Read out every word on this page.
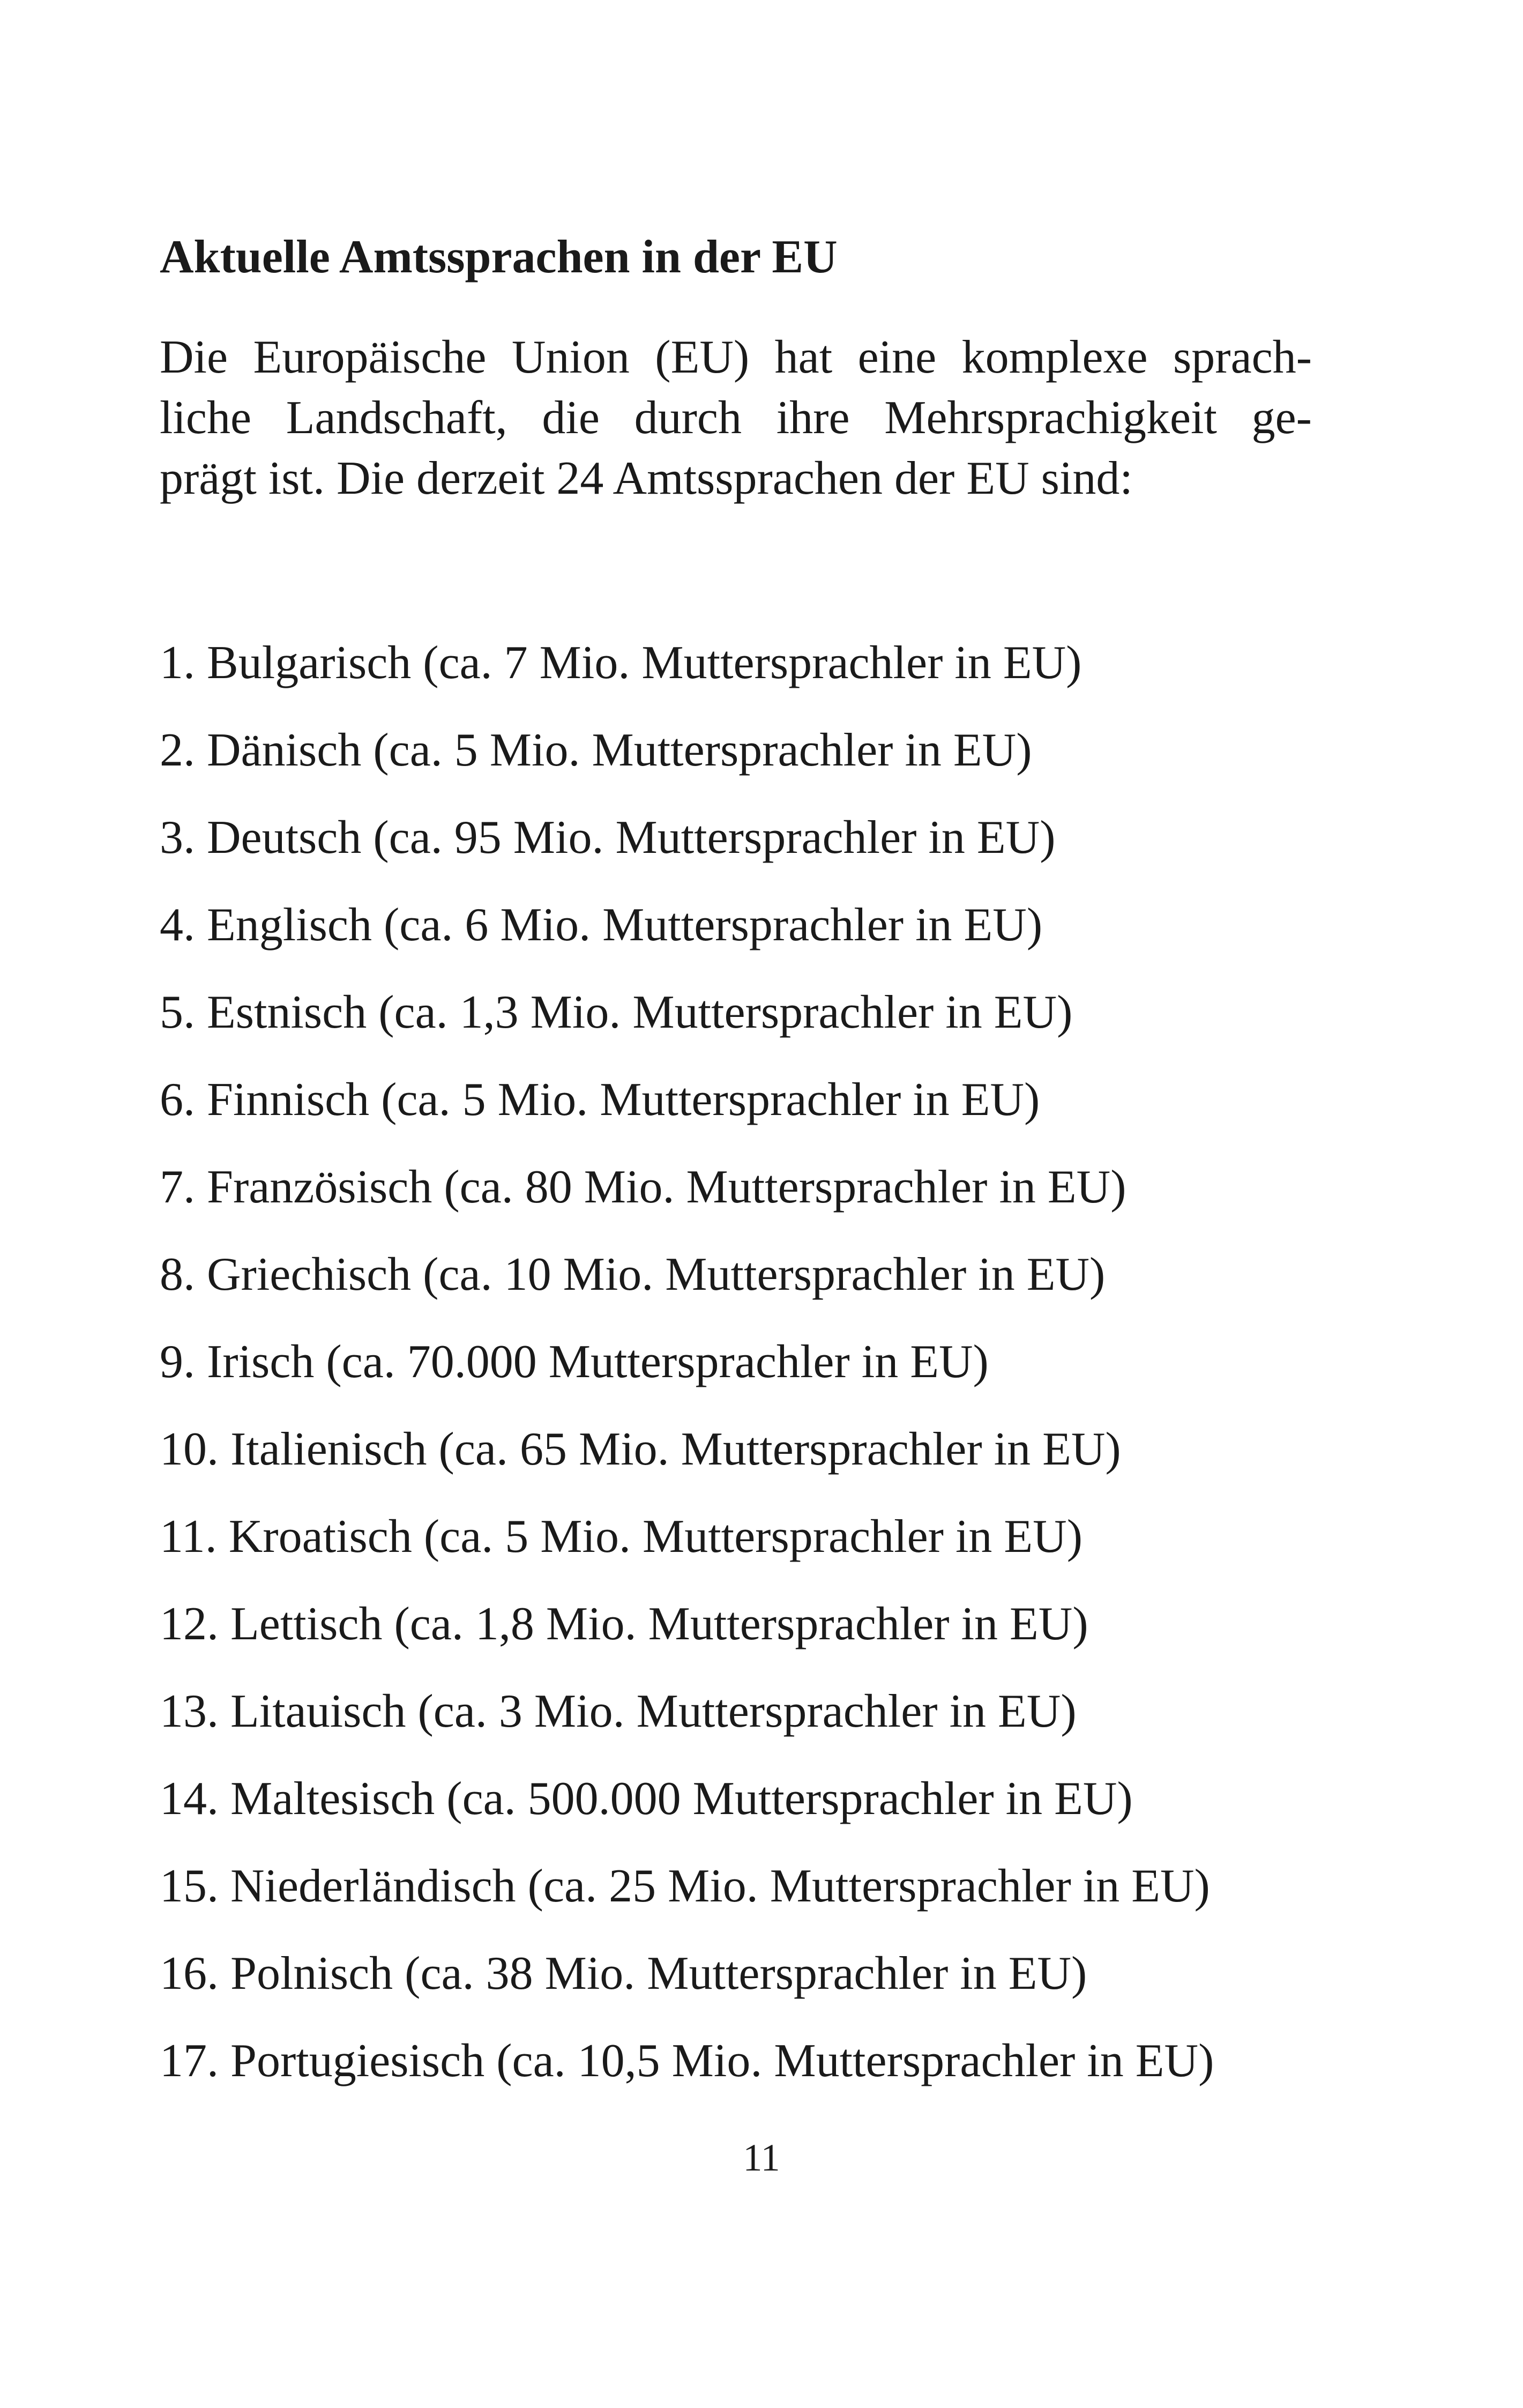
Aktuelle Amtssprachen in der EU
Die Europäische Union (EU) hat eine komplexe sprach-
liche Landschaft, die durch ihre Mehrsprachigkeit ge-
prägt ist. Die derzeit 24 Amtssprachen der EU sind:
1. Bulgarisch (ca. 7 Mio. Muttersprachler in EU)
2. Dänisch (ca. 5 Mio. Muttersprachler in EU)
3. Deutsch (ca. 95 Mio. Muttersprachler in EU)
4. Englisch (ca. 6 Mio. Muttersprachler in EU)
5. Estnisch (ca. 1,3 Mio. Muttersprachler in EU)
6. Finnisch (ca. 5 Mio. Muttersprachler in EU)
7. Französisch (ca. 80 Mio. Muttersprachler in EU)
8. Griechisch (ca. 10 Mio. Muttersprachler in EU)
9. Irisch (ca. 70.000 Muttersprachler in EU)
10. Italienisch (ca. 65 Mio. Muttersprachler in EU)
11. Kroatisch (ca. 5 Mio. Muttersprachler in EU)
12. Lettisch (ca. 1,8 Mio. Muttersprachler in EU)
13. Litauisch (ca. 3 Mio. Muttersprachler in EU)
14. Maltesisch (ca. 500.000 Muttersprachler in EU)
15. Niederländisch (ca. 25 Mio. Muttersprachler in EU)
16. Polnisch (ca. 38 Mio. Muttersprachler in EU)
17. Portugiesisch (ca. 10,5 Mio. Muttersprachler in EU)
11
